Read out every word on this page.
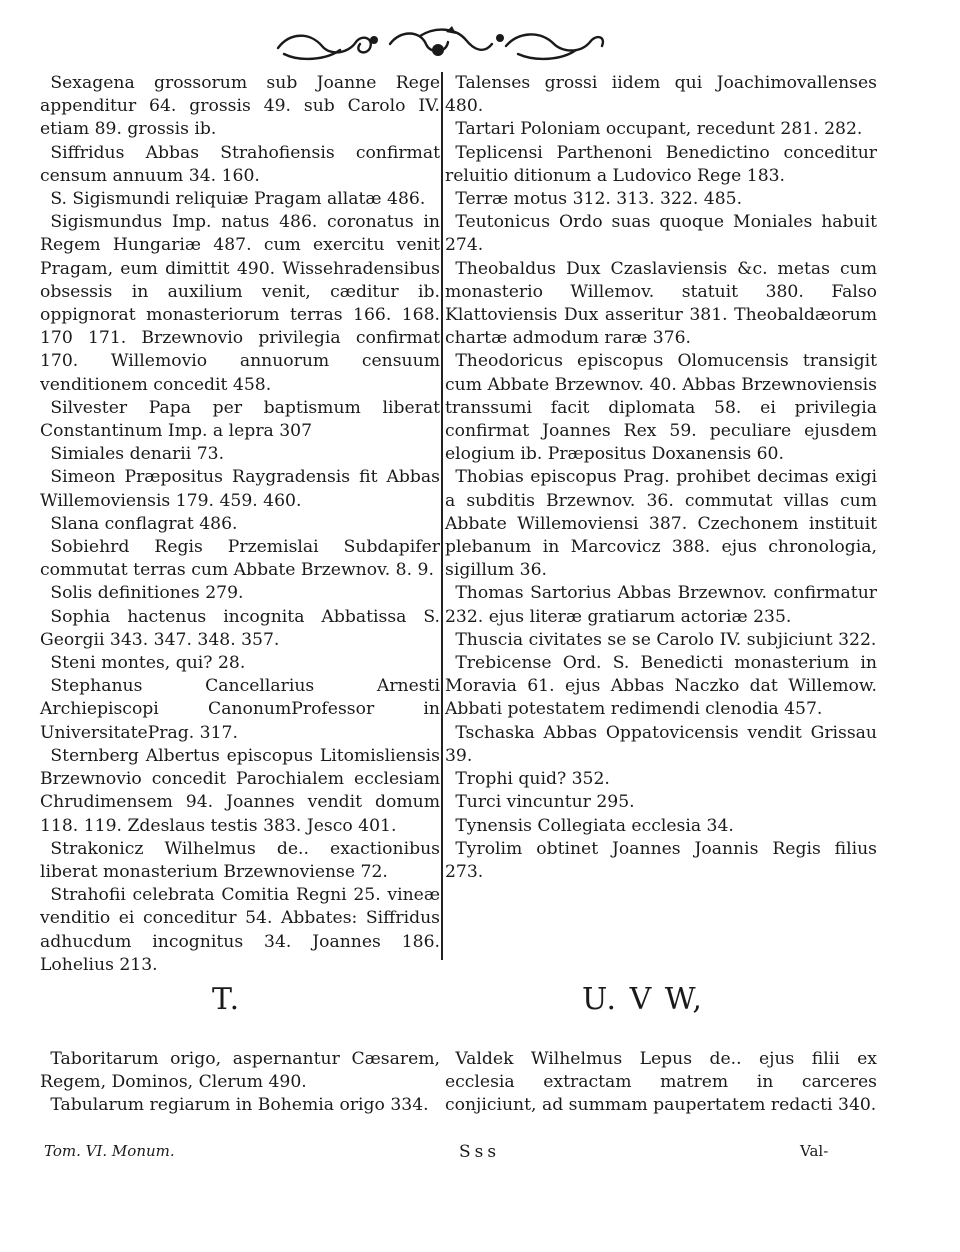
Sexagena grossorum sub Joanne Rege appenditur 64. grossis 49. sub Carolo IV. etiam 89. grossis ib.
Siffridus Abbas Strahofiensis confirmat censum annuum 34. 160.
S. Sigismundi reliquiæ Pragam allatæ 486.
Sigismundus Imp. natus 486. coronatus in Regem Hungariæ 487. cum exercitu venit Pragam, eum dimittit 490. Wissehradensibus obsessis in auxilium venit, cæditur ib. oppignorat monasteriorum terras 166. 168. 170 171. Brzewnovio privilegia confirmat 170. Willemovio annuorum censuum venditionem concedit 458.
Silvester Papa per baptismum liberat Constantinum Imp. a lepra 307
Simiales denarii 73.
Simeon Præpositus Raygradensis fit Abbas Willemoviensis 179. 459. 460.
Slana conflagrat 486.
Sobiehrd Regis Przemislai Subdapifer commutat terras cum Abbate Brzewnov. 8. 9.
Solis definitiones 279.
Sophia hactenus incognita Abbatissa S. Georgii 343. 347. 348. 357.
Steni montes, qui? 28.
Stephanus Cancellarius Arnesti Archiepiscopi CanonumProfessor in UniversitatePrag. 317.
Sternberg Albertus episcopus Litomisliensis Brzewnovio concedit Parochialem ecclesiam Chrudimensem 94. Joannes vendit domum 118. 119. Zdeslaus testis 383. Jesco 401.
Strakonicz Wilhelmus de.. exactionibus liberat monasterium Brzewnoviense 72.
Strahofii celebrata Comitia Regni 25. vineæ venditio ei conceditur 54. Abbates: Siffridus adhucdum incognitus 34. Joannes 186. Lohelius 213.
Talenses grossi iidem qui Joachimovallenses 480.
Tartari Poloniam occupant, recedunt 281. 282.
Teplicensi Parthenoni Benedictino conceditur reluitio ditionum a Ludovico Rege 183.
Terræ motus 312. 313. 322. 485.
Teutonicus Ordo suas quoque Moniales habuit 274.
Theobaldus Dux Czaslaviensis &c. metas cum monasterio Willemov. statuit 380. Falso Klattoviensis Dux asseritur 381. Theobaldæorum chartæ admodum raræ 376.
Theodoricus episcopus Olomucensis transigit cum Abbate Brzewnov. 40. Abbas Brzewnoviensis transsumi facit diplomata 58. ei privilegia confirmat Joannes Rex 59. peculiare ejusdem elogium ib. Præpositus Doxanensis 60.
Thobias episcopus Prag. prohibet decimas exigi a subditis Brzewnov. 36. commutat villas cum Abbate Willemoviensi 387. Czechonem instituit plebanum in Marcovicz 388. ejus chronologia, sigillum 36.
Thomas Sartorius Abbas Brzewnov. confirmatur 232. ejus literæ gratiarum actoriæ 235.
Thuscia civitates se se Carolo IV. subjiciunt 322.
Trebicense Ord. S. Benedicti monasterium in Moravia 61. ejus Abbas Naczko dat Willemow. Abbati potestatem redimendi clenodia 457.
Tschaska Abbas Oppatovicensis vendit Grissau 39.
Trophi quid? 352.
Turci vincuntur 295.
Tynensis Collegiata ecclesia 34.
Tyrolim obtinet Joannes Joannis Regis filius 273.
T.	U. V W,
Taboritarum origo, aspernantur Cæsarem, Regem, Dominos, Clerum 490.
Tabularum regiarum in Bohemia origo 334.
Valdek Wilhelmus Lepus de.. ejus filii ex ecclesia extractam matrem in carceres conjiciunt, ad summam paupertatem redacti 340.
Tom. VI. Monum.	Sss	Val-
